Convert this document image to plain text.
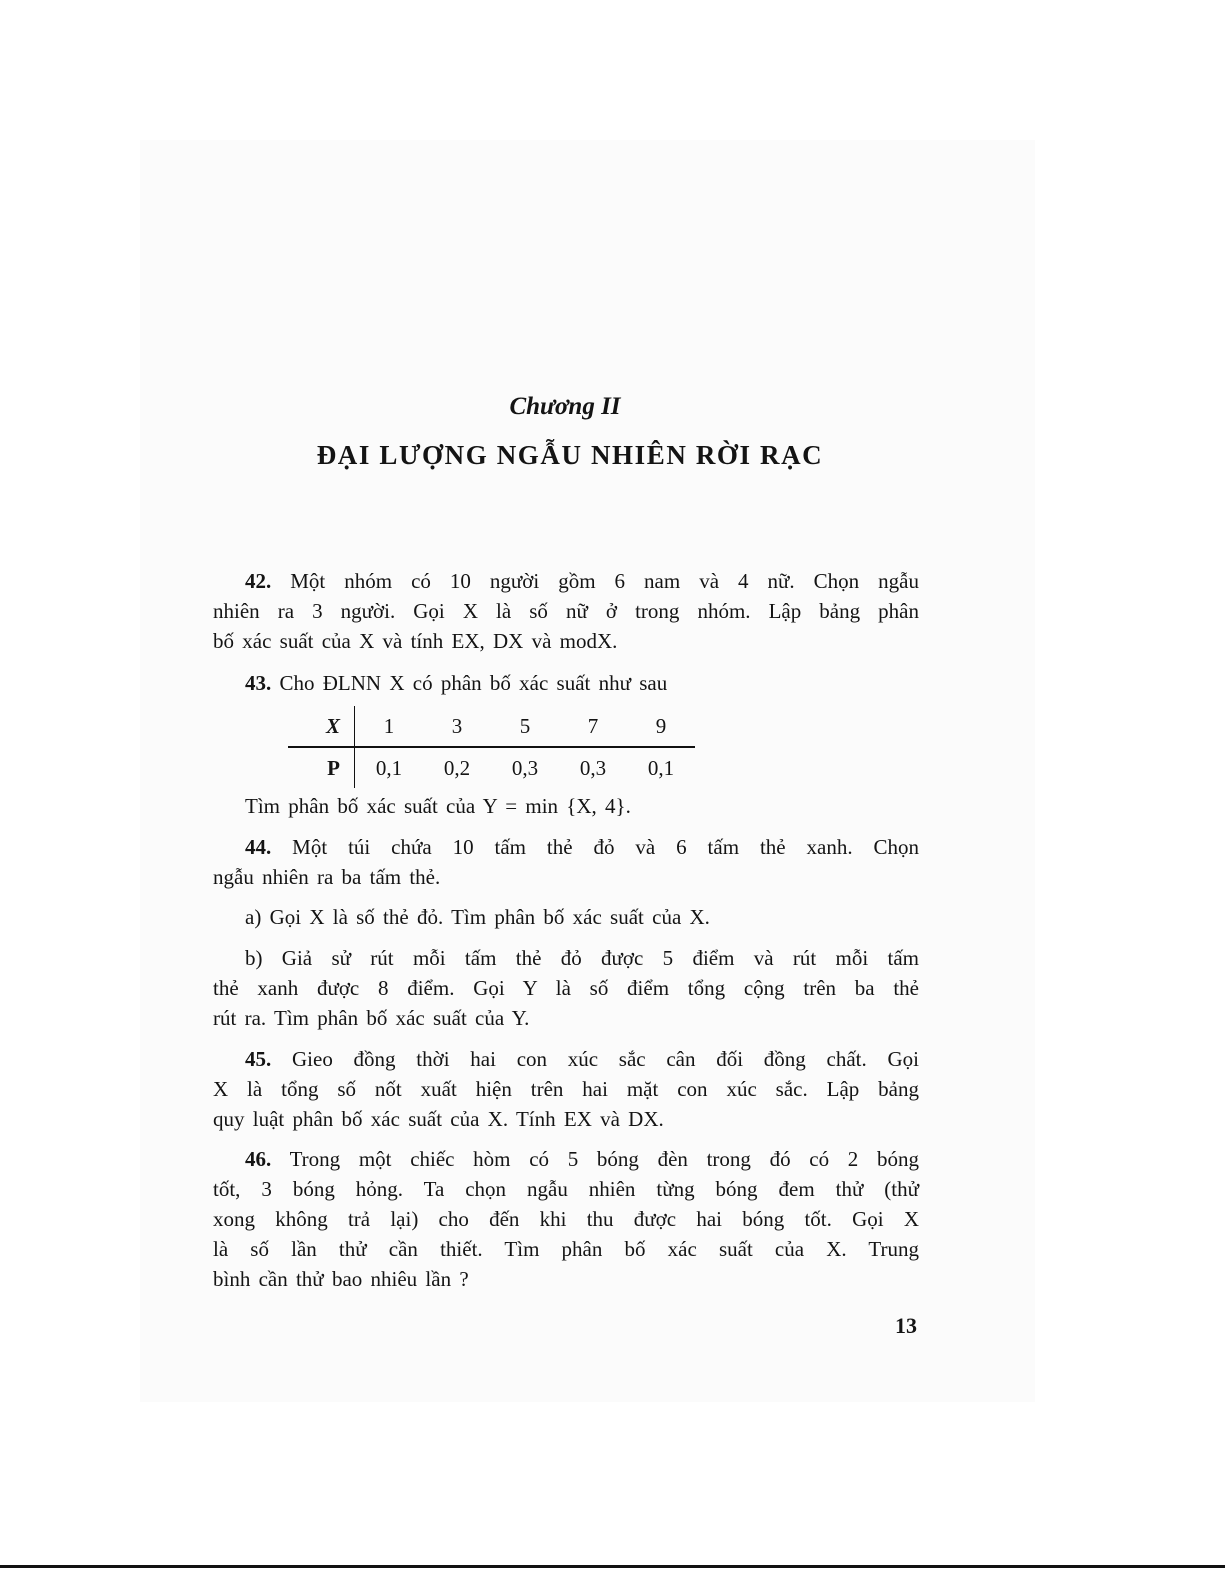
Chương II
ĐẠI LƯỢNG NGẪU NHIÊN RỜI RẠC
42. Một nhóm có 10 người gồm 6 nam và 4 nữ. Chọn ngẫu
nhiên ra 3 người. Gọi X là số nữ ở trong nhóm. Lập bảng phân
bố xác suất của X và tính EX, DX và modX.
43. Cho ĐLNN X có phân bố xác suất như sau
X	1	3	5	7	9
P	0,1	0,2	0,3	0,3	0,1
Tìm phân bố xác suất của Y = min {X, 4}.
44. Một túi chứa 10 tấm thẻ đỏ và 6 tấm thẻ xanh. Chọn
ngẫu nhiên ra ba tấm thẻ.
a) Gọi X là số thẻ đỏ. Tìm phân bố xác suất của X.
b) Giả sử rút mỗi tấm thẻ đỏ được 5 điểm và rút mỗi tấm
thẻ xanh được 8 điểm. Gọi Y là số điểm tổng cộng trên ba thẻ
rút ra. Tìm phân bố xác suất của Y.
45. Gieo đồng thời hai con xúc sắc cân đối đồng chất. Gọi
X là tổng số nốt xuất hiện trên hai mặt con xúc sắc. Lập bảng
quy luật phân bố xác suất của X. Tính EX và DX.
46. Trong một chiếc hòm có 5 bóng đèn trong đó có 2 bóng
tốt, 3 bóng hỏng. Ta chọn ngẫu nhiên từng bóng đem thử (thử
xong không trả lại) cho đến khi thu được hai bóng tốt. Gọi X
là số lần thử cần thiết. Tìm phân bố xác suất của X. Trung
bình cần thử bao nhiêu lần ?
13
